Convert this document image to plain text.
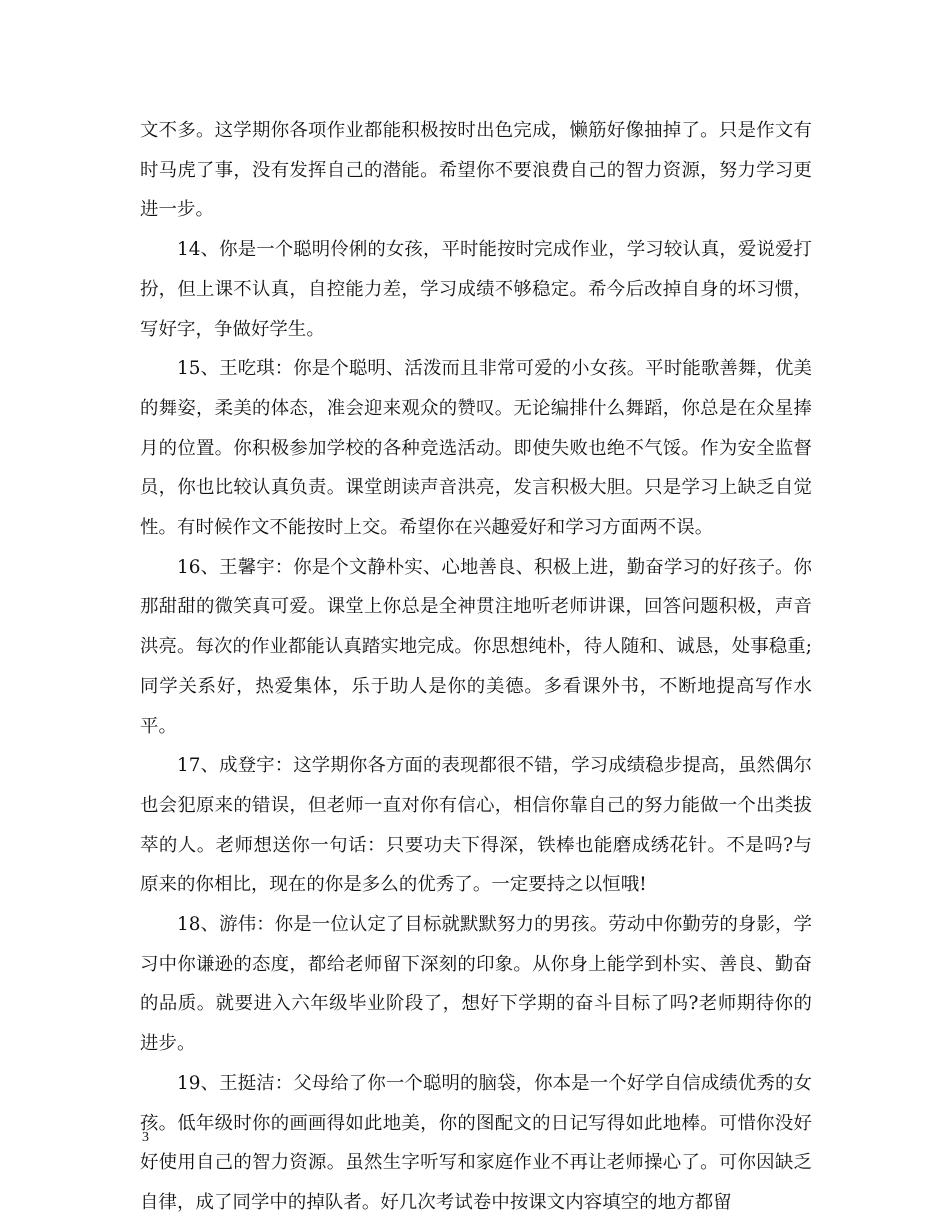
文不多。这学期你各项作业都能积极按时出色完成，懒筋好像抽掉了。只是作文有时马虎了事，没有发挥自己的潜能。希望你不要浪费自己的智力资源，努力学习更进一步。

14、你是一个聪明伶俐的女孩，平时能按时完成作业，学习较认真，爱说爱打扮，但上课不认真，自控能力差，学习成绩不够稳定。希今后改掉自身的坏习惯，写好字，争做好学生。

15、王吃琪：你是个聪明、活泼而且非常可爱的小女孩。平时能歌善舞，优美的舞姿，柔美的体态，准会迎来观众的赞叹。无论编排什么舞蹈，你总是在众星捧月的位置。你积极参加学校的各种竞选活动。即使失败也绝不气馁。作为安全监督员，你也比较认真负责。课堂朗读声音洪亮，发言积极大胆。只是学习上缺乏自觉性。有时候作文不能按时上交。希望你在兴趣爱好和学习方面两不误。

16、王馨宇：你是个文静朴实、心地善良、积极上进，勤奋学习的好孩子。你那甜甜的微笑真可爱。课堂上你总是全神贯注地听老师讲课，回答问题积极，声音洪亮。每次的作业都能认真踏实地完成。你思想纯朴，待人随和、诚恳，处事稳重;同学关系好，热爱集体，乐于助人是你的美德。多看课外书，不断地提高写作水平。

17、成登宇：这学期你各方面的表现都很不错，学习成绩稳步提高，虽然偶尔也会犯原来的错误，但老师一直对你有信心，相信你靠自己的努力能做一个出类拔萃的人。老师想送你一句话：只要功夫下得深，铁棒也能磨成绣花针。不是吗?与原来的你相比，现在的你是多么的优秀了。一定要持之以恒哦!

18、游伟：你是一位认定了目标就默默努力的男孩。劳动中你勤劳的身影，学习中你谦逊的态度，都给老师留下深刻的印象。从你身上能学到朴实、善良、勤奋的品质。就要进入六年级毕业阶段了，想好下学期的奋斗目标了吗?老师期待你的进步。

19、王挺洁：父母给了你一个聪明的脑袋，你本是一个好学自信成绩优秀的女孩。低年级时你的画画得如此地美，你的图配文的日记写得如此地棒。可惜你没好好使用自己的智力资源。虽然生字听写和家庭作业不再让老师操心了。可你因缺乏自律，成了同学中的掉队者。好几次考试卷中按课文内容填空的地方都留

3
